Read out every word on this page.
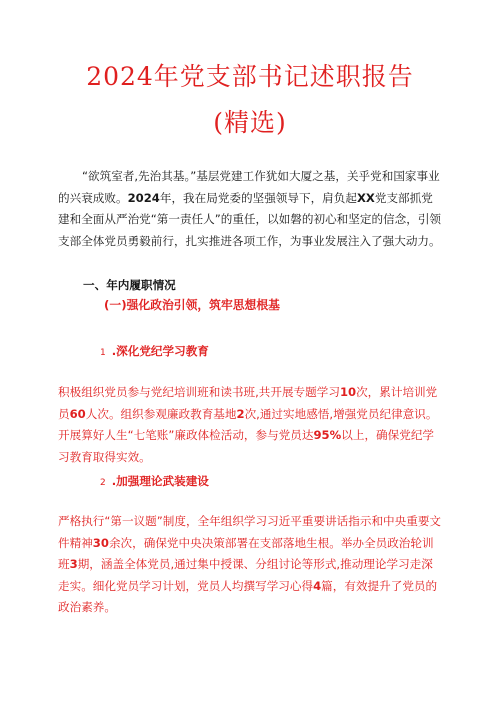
2024年党支部书记述职报告
(精选)
“欲筑室者,先治其基。”基层党建工作犹如大厦之基，关乎党和国家事业的兴衰成败。2024年，我在局党委的坚强领导下，肩负起XX党支部抓党建和全面从严治党“第一责任人”的重任，以如磐的初心和坚定的信念，引领支部全体党员勇毅前行，扎实推进各项工作，为事业发展注入了强大动力。
一、年内履职情况
(一)强化政治引领，筑牢思想根基
1 .深化党纪学习教育
积极组织党员参与党纪培训班和读书班,共开展专题学习10次，累计培训党员60人次。组织参观廉政教育基地2次,通过实地感悟,增强党员纪律意识。开展算好人生“七笔账”廉政体检活动，参与党员达95%以上，确保党纪学习教育取得实效。
2 .加强理论武装建设
严格执行“第一议题”制度，全年组织学习习近平重要讲话指示和中央重要文件精神30余次，确保党中央决策部署在支部落地生根。举办全员政治轮训班3期，涵盖全体党员,通过集中授课、分组讨论等形式,推动理论学习走深走实。细化党员学习计划，党员人均撰写学习心得4篇，有效提升了党员的政治素养。
